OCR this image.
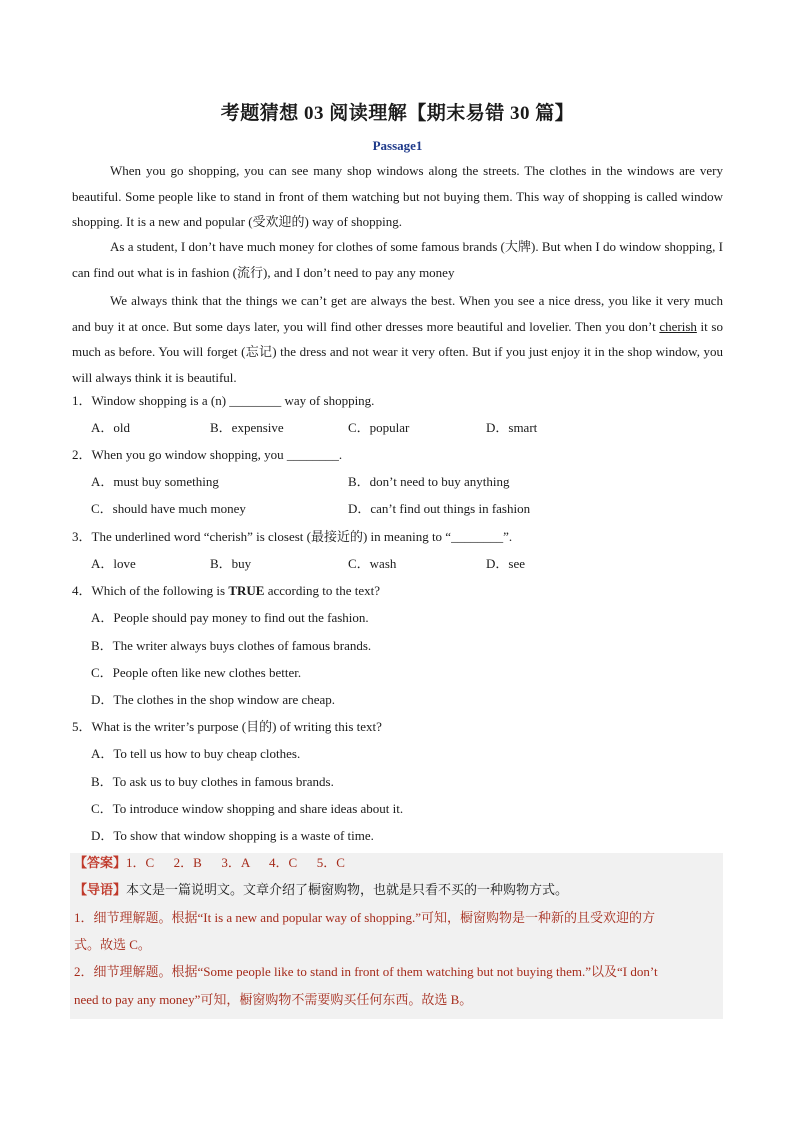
考题猜想 03 阅读理解【期末易错 30 篇】
Passage1
When you go shopping, you can see many shop windows along the streets. The clothes in the windows are very beautiful. Some people like to stand in front of them watching but not buying them. This way of shopping is called window shopping. It is a new and popular (受欢迎的) way of shopping.
As a student, I don’t have much money for clothes of some famous brands (大牌). But when I do window shopping, I can find out what is in fashion (流行), and I don’t need to pay any money
We always think that the things we can’t get are always the best. When you see a nice dress, you like it very much and buy it at once. But some days later, you will find other dresses more beautiful and lovelier. Then you don’t cherish it so much as before. You will forget (忘记) the dress and not wear it very often. But if you just enjoy it in the shop window, you will always think it is beautiful.
1．Window shopping is a (n) ________ way of shopping.
A．old	B．expensive	C．popular	D．smart
2．When you go window shopping, you ________.
A．must buy something	B．don’t need to buy anything
C．should have much money	D．can’t find out things in fashion
3．The underlined word “cherish” is closest (最接近的) in meaning to “________”.
A．love	B．buy	C．wash	D．see
4．Which of the following is TRUE according to the text?
A．People should pay money to find out the fashion.
B．The writer always buys clothes of famous brands.
C．People often like new clothes better.
D．The clothes in the shop window are cheap.
5．What is the writer’s purpose (目的) of writing this text?
A．To tell us how to buy cheap clothes.
B．To ask us to buy clothes in famous brands.
C．To introduce window shopping and share ideas about it.
D．To show that window shopping is a waste of time.
【答案】1．C      2．B      3．A      4．C      5．C
【导语】本文是一篇说明文。文章介绍了橱窗购物，也就是只看不买的一种购物方式。
1．细节理解题。根据“It is a new and popular way of shopping.”可知，橱窗购物是一种新的且受欢迎的方
式。故选 C。
2．细节理解题。根据“Some people like to stand in front of them watching but not buying them.”以及“I don’t
need to pay any money”可知，橱窗购物不需要购买任何东西。故选 B。
